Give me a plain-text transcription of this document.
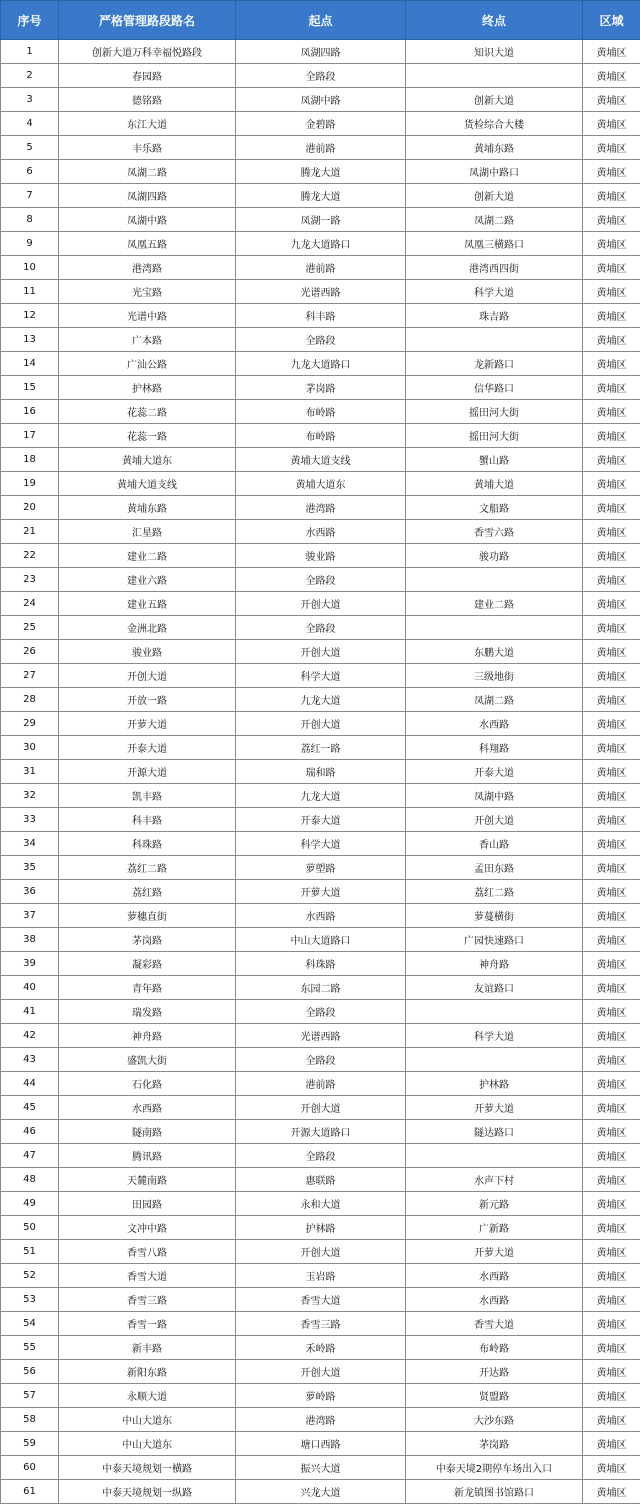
序号	严格管理路段路名	起点	终点	区域
1	创新大道万科幸福悦路段	凤湖四路	知识大道	黄埔区
2	春园路	全路段		黄埔区
3	德铭路	凤湖中路	创新大道	黄埔区
4	东江大道	金碧路	货检综合大楼	黄埔区
5	丰乐路	港前路	黄埔东路	黄埔区
6	凤湖二路	腾龙大道	凤湖中路口	黄埔区
7	凤湖四路	腾龙大道	创新大道	黄埔区
8	凤湖中路	凤湖一路	凤湖二路	黄埔区
9	凤凰五路	九龙大道路口	凤凰三横路口	黄埔区
10	港湾路	港前路	港湾西四街	黄埔区
11	光宝路	光谱西路	科学大道	黄埔区
12	光谱中路	科丰路	珠吉路	黄埔区
13	广本路	全路段		黄埔区
14	广汕公路	九龙大道路口	龙新路口	黄埔区
15	护林路	茅岗路	信华路口	黄埔区
16	花蕊二路	布岭路	摇田河大街	黄埔区
17	花蕊一路	布岭路	摇田河大街	黄埔区
18	黄埔大道东	黄埔大道支线	蟹山路	黄埔区
19	黄埔大道支线	黄埔大道东	黄埔大道	黄埔区
20	黄埔东路	港湾路	文船路	黄埔区
21	汇星路	水西路	香雪六路	黄埔区
22	建业二路	骏业路	骏功路	黄埔区
23	建业六路	全路段		黄埔区
24	建业五路	开创大道	建业二路	黄埔区
25	金洲北路	全路段		黄埔区
26	骏业路	开创大道	东鹏大道	黄埔区
27	开创大道	科学大道	三级地街	黄埔区
28	开放一路	九龙大道	凤湖二路	黄埔区
29	开萝大道	开创大道	水西路	黄埔区
30	开泰大道	荔红一路	科翔路	黄埔区
31	开源大道	瑞和路	开泰大道	黄埔区
32	凯丰路	九龙大道	凤湖中路	黄埔区
33	科丰路	开泰大道	开创大道	黄埔区
34	科珠路	科学大道	香山路	黄埔区
35	荔红二路	萝塱路	孟田东路	黄埔区
36	荔红路	开萝大道	荔红二路	黄埔区
37	萝穗直街	水西路	萝蔓横街	黄埔区
38	茅岗路	中山大道路口	广园快速路口	黄埔区
39	凝彩路	科珠路	神舟路	黄埔区
40	青年路	东园二路	友谊路口	黄埔区
41	瑞发路	全路段		黄埔区
42	神舟路	光谱西路	科学大道	黄埔区
43	盛凯大街	全路段		黄埔区
44	石化路	港前路	护林路	黄埔区
45	水西路	开创大道	开萝大道	黄埔区
46	隧南路	开源大道路口	隧达路口	黄埔区
47	腾讯路	全路段		黄埔区
48	天麓南路	惠联路	水声下村	黄埔区
49	田园路	永和大道	新元路	黄埔区
50	文冲中路	护林路	广新路	黄埔区
51	香雪八路	开创大道	开萝大道	黄埔区
52	香雪大道	玉岩路	水西路	黄埔区
53	香雪三路	香雪大道	水西路	黄埔区
54	香雪一路	香雪三路	香雪大道	黄埔区
55	新丰路	禾岭路	布岭路	黄埔区
56	新阳东路	开创大道	开达路	黄埔区
57	永顺大道	萝岭路	贤盟路	黄埔区
58	中山大道东	港湾路	大沙东路	黄埔区
59	中山大道东	塘口西路	茅岗路	黄埔区
60	中泰天境规划一横路	振兴大道	中泰天境2期停车场出入口	黄埔区
61	中泰天境规划一纵路	兴龙大道	新龙镇图书馆路口	黄埔区
